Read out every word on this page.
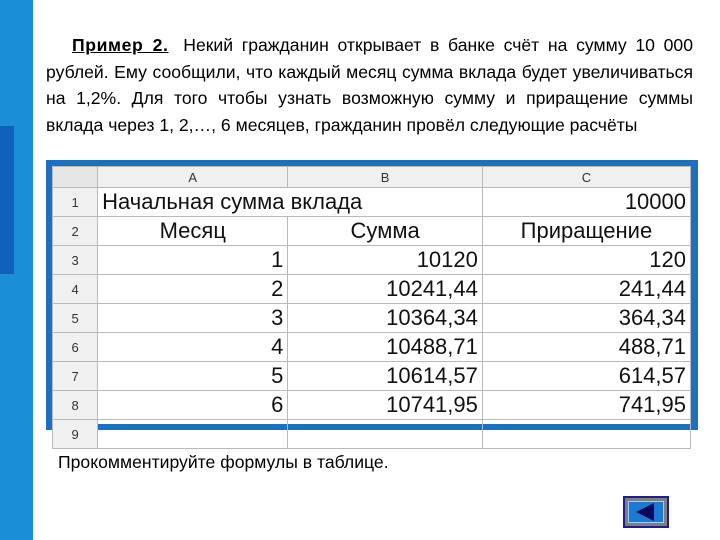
Пример 2. Некий гражданин открывает в банке счёт на сумму 10 000 рублей. Ему сообщили, что каждый месяц сумма вклада будет увеличиваться на 1,2%. Для того чтобы узнать возможную сумму и приращение суммы вклада через 1, 2,…, 6 месяцев, гражданин провёл следующие расчёты
	A	B	C
1	Начальная сумма вклада		10000
2	Месяц	Сумма	Приращение
3	1	10120	120
4	2	10241,44	241,44
5	3	10364,34	364,34
6	4	10488,71	488,71
7	5	10614,57	614,57
8	6	10741,95	741,95
9			
Прокомментируйте формулы в таблице.
